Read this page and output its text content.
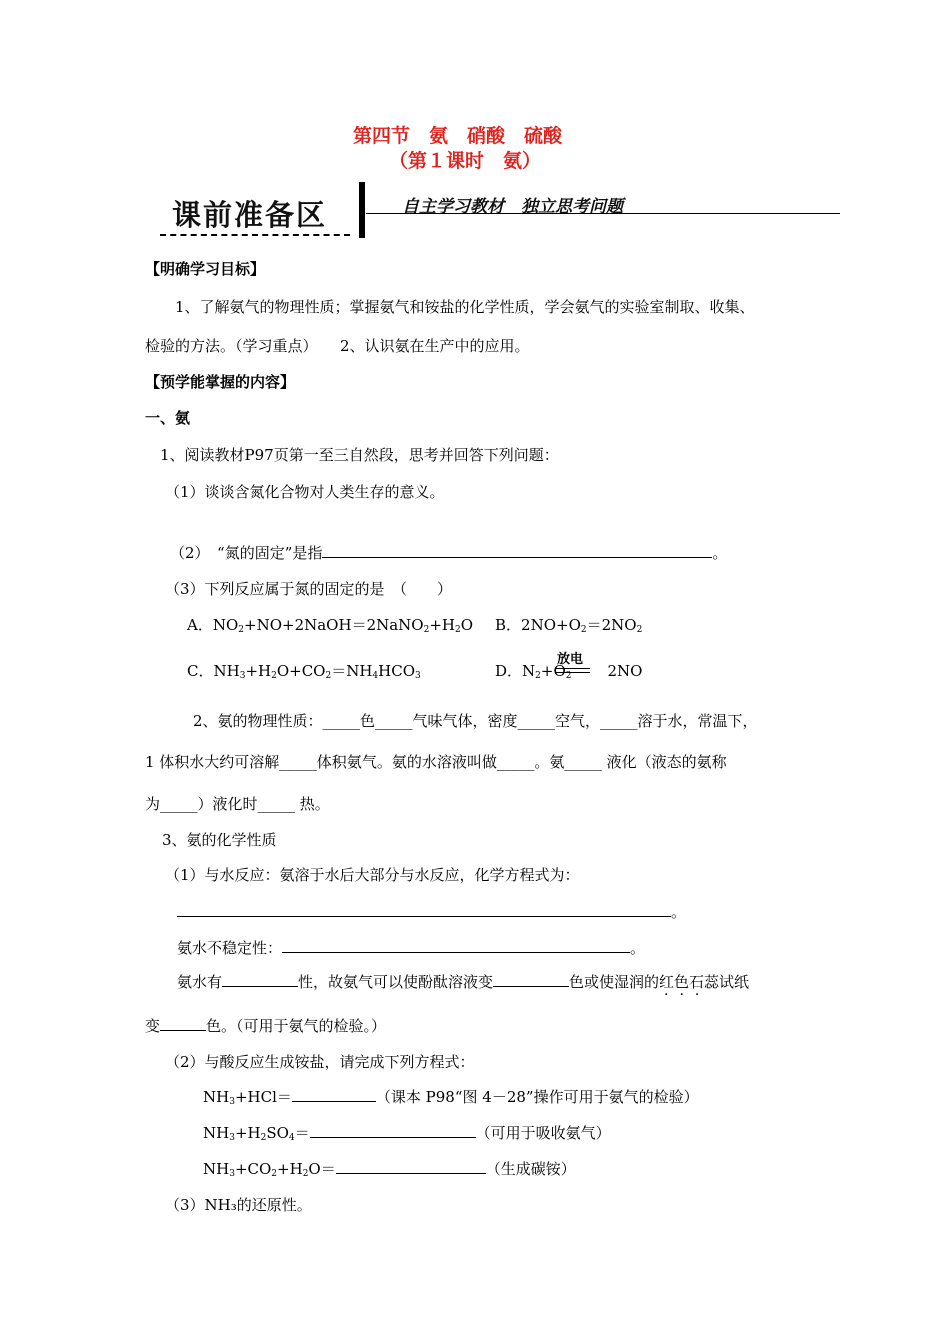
第四节　氨　硝酸　硫酸
（第１课时　氨）
课前准备区	自主学习教材　独立思考问题
【明确学习目标】
1、了解氨气的物理性质；掌握氨气和铵盐的化学性质，学会氨气的实验室制取、收集、
检验的方法。（学习重点）　　2、认识氨在生产中的应用。
【预学能掌握的内容】
一、氨
1、阅读教材P97页第一至三自然段，思考并回答下列问题：
（1）谈谈含氮化合物对人类生存的意义。
（2）　“氮的固定”是指	。
（3）下列反应属于氮的固定的是　（　　）
A．$NO_2+NO+2NaOH=2NaNO_2+H_2O$ B．$2NO+O_2=2NO_2$
C．$NH_3+H_2O+CO_2=NH_4HCO_3$	D．$N_2+O_2$ 2NO
放电
2、氨的物理性质：_____色_____气味气体，密度_____空气，_____溶于水，常温下，
1 体积水大约可溶解_____体积氨气。氨的水溶液叫做_____。氨_____ 液化（液态的氨称
为_____）液化时_____ 热。
3、氨的化学性质
（1）与水反应：氨溶于水后大部分与水反应，化学方程式为：
。
氨水不稳定性：	。
氨水有	性，故氨气可以使酚酞溶液变	色或使湿润的红色石蕊试纸
···
变	色。（可用于氨气的检验。）
（2）与酸反应生成铵盐，请完成下列方程式：
$NH_3+HCl=$	（课本 P98“图 4－28”操作可用于氨气的检验）
$NH_3+H_2SO_4=$	（可用于吸收氨气）
$NH_3+CO_2+H_2O=$	（生成碳铵）
（3）NH₃的还原性。
